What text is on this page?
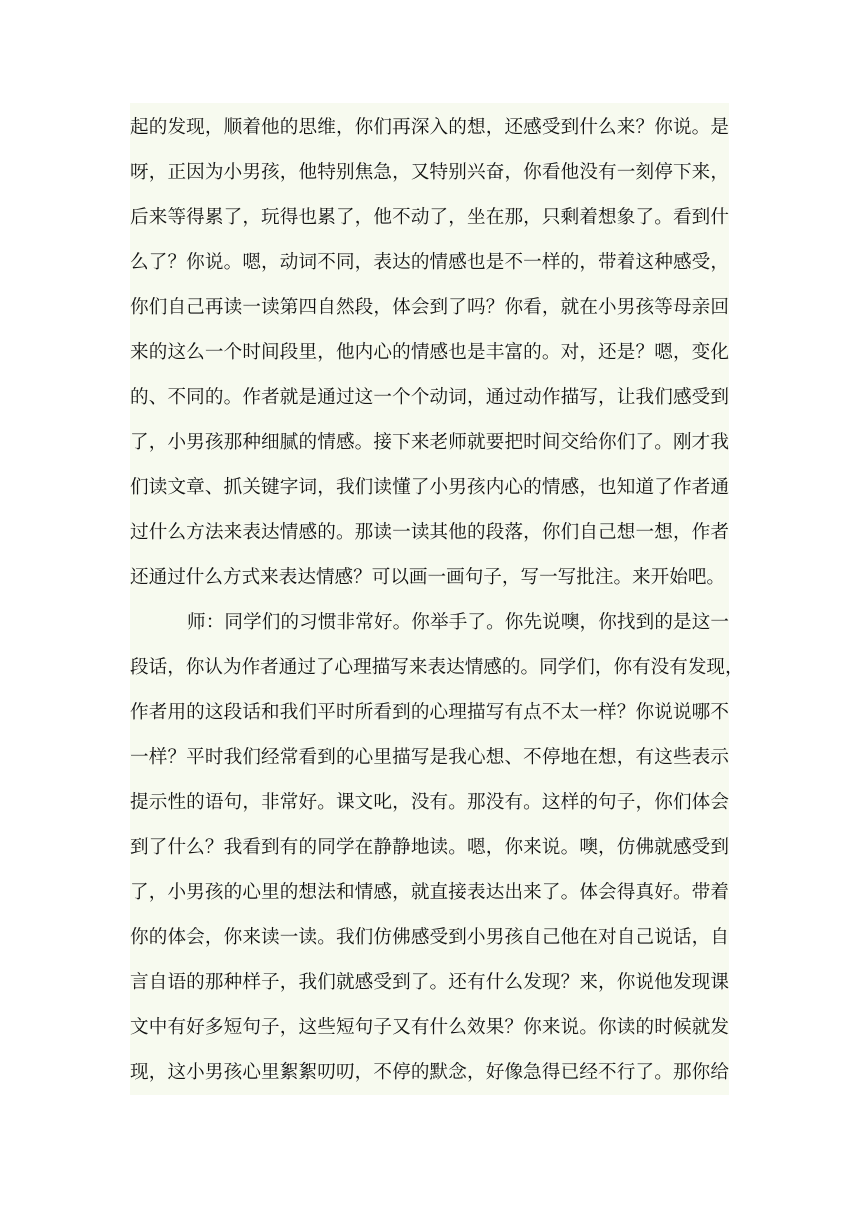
起的发现，顺着他的思维，你们再深入的想，还感受到什么来？你说。是
呀，正因为小男孩，他特别焦急，又特别兴奋，你看他没有一刻停下来，
后来等得累了，玩得也累了，他不动了，坐在那，只剩着想象了。看到什
么了？你说。嗯，动词不同，表达的情感也是不一样的，带着这种感受，
你们自己再读一读第四自然段，体会到了吗？你看，就在小男孩等母亲回
来的这么一个时间段里，他内心的情感也是丰富的。对，还是？嗯，变化
的、不同的。作者就是通过这一个个动词，通过动作描写，让我们感受到
了，小男孩那种细腻的情感。接下来老师就要把时间交给你们了。刚才我
们读文章、抓关键字词，我们读懂了小男孩内心的情感，也知道了作者通
过什么方法来表达情感的。那读一读其他的段落，你们自己想一想，作者
还通过什么方式来表达情感？可以画一画句子，写一写批注。来开始吧。
师：同学们的习惯非常好。你举手了。你先说噢，你找到的是这一
段话，你认为作者通过了心理描写来表达情感的。同学们，你有没有发现，
作者用的这段话和我们平时所看到的心理描写有点不太一样？你说说哪不
一样？平时我们经常看到的心里描写是我心想、不停地在想，有这些表示
提示性的语句，非常好。课文叱，没有。那没有。这样的句子，你们体会
到了什么？我看到有的同学在静静地读。嗯，你来说。噢，仿佛就感受到
了，小男孩的心里的想法和情感，就直接表达出来了。体会得真好。带着
你的体会，你来读一读。我们仿佛感受到小男孩自己他在对自己说话，自
言自语的那种样子，我们就感受到了。还有什么发现？来，你说他发现课
文中有好多短句子，这些短句子又有什么效果？你来说。你读的时候就发
现，这小男孩心里絮絮叨叨，不停的默念，好像急得已经不行了。那你给
